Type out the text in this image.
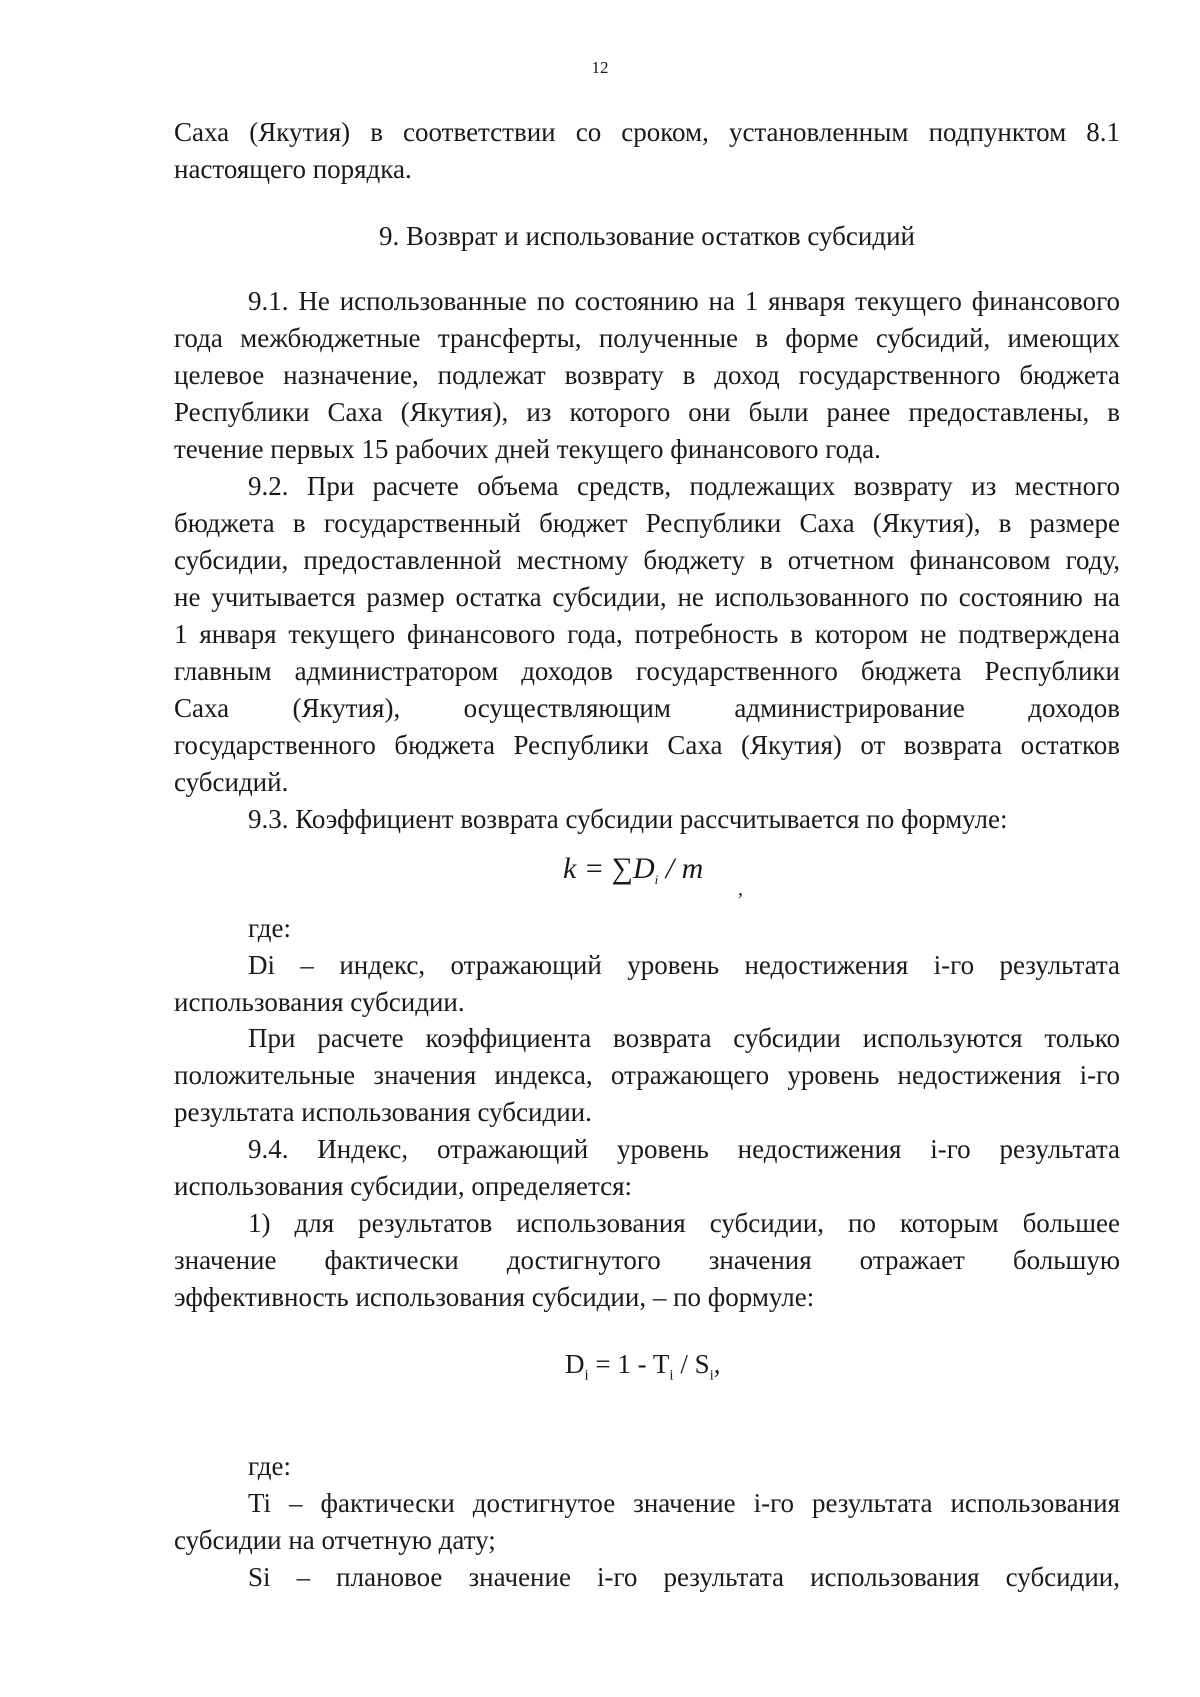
12
Саха (Якутия) в соответствии со сроком, установленным подпунктом 8.1
настоящего порядка.
9. Возврат и использование остатков субсидий
9.1. Не использованные по состоянию на 1 января текущего финансового
года межбюджетные трансферты, полученные в форме субсидий, имеющих
целевое назначение, подлежат возврату в доход государственного бюджета
Республики Саха (Якутия), из которого они были ранее предоставлены, в
течение первых 15 рабочих дней текущего финансового года.
9.2. При расчете объема средств, подлежащих возврату из местного
бюджета в государственный бюджет Республики Саха (Якутия), в размере
субсидии, предоставленной местному бюджету в отчетном финансовом году,
не учитывается размер остатка субсидии, не использованного по состоянию на
1 января текущего финансового года, потребность в котором не подтверждена
главным администратором доходов государственного бюджета Республики
Саха (Якутия), осуществляющим администрирование доходов
государственного бюджета Республики Саха (Якутия) от возврата остатков
субсидий.
9.3. Коэффициент возврата субсидии рассчитывается по формуле:
$k = \sum D_i / m$
,
где:
Di – индекс, отражающий уровень недостижения i-го результата
использования субсидии.
При расчете коэффициента возврата субсидии используются только
положительные значения индекса, отражающего уровень недостижения i-го
результата использования субсидии.
9.4. Индекс, отражающий уровень недостижения i-го результата
использования субсидии, определяется:
1) для результатов использования субсидии, по которым большее
значение фактически достигнутого значения отражает большую
эффективность использования субсидии, – по формуле:
$D_i = 1 - T_i / S_i$,
где:
Ti – фактически достигнутое значение i-го результата использования
субсидии на отчетную дату;
Si – плановое значение i-го результата использования субсидии,
